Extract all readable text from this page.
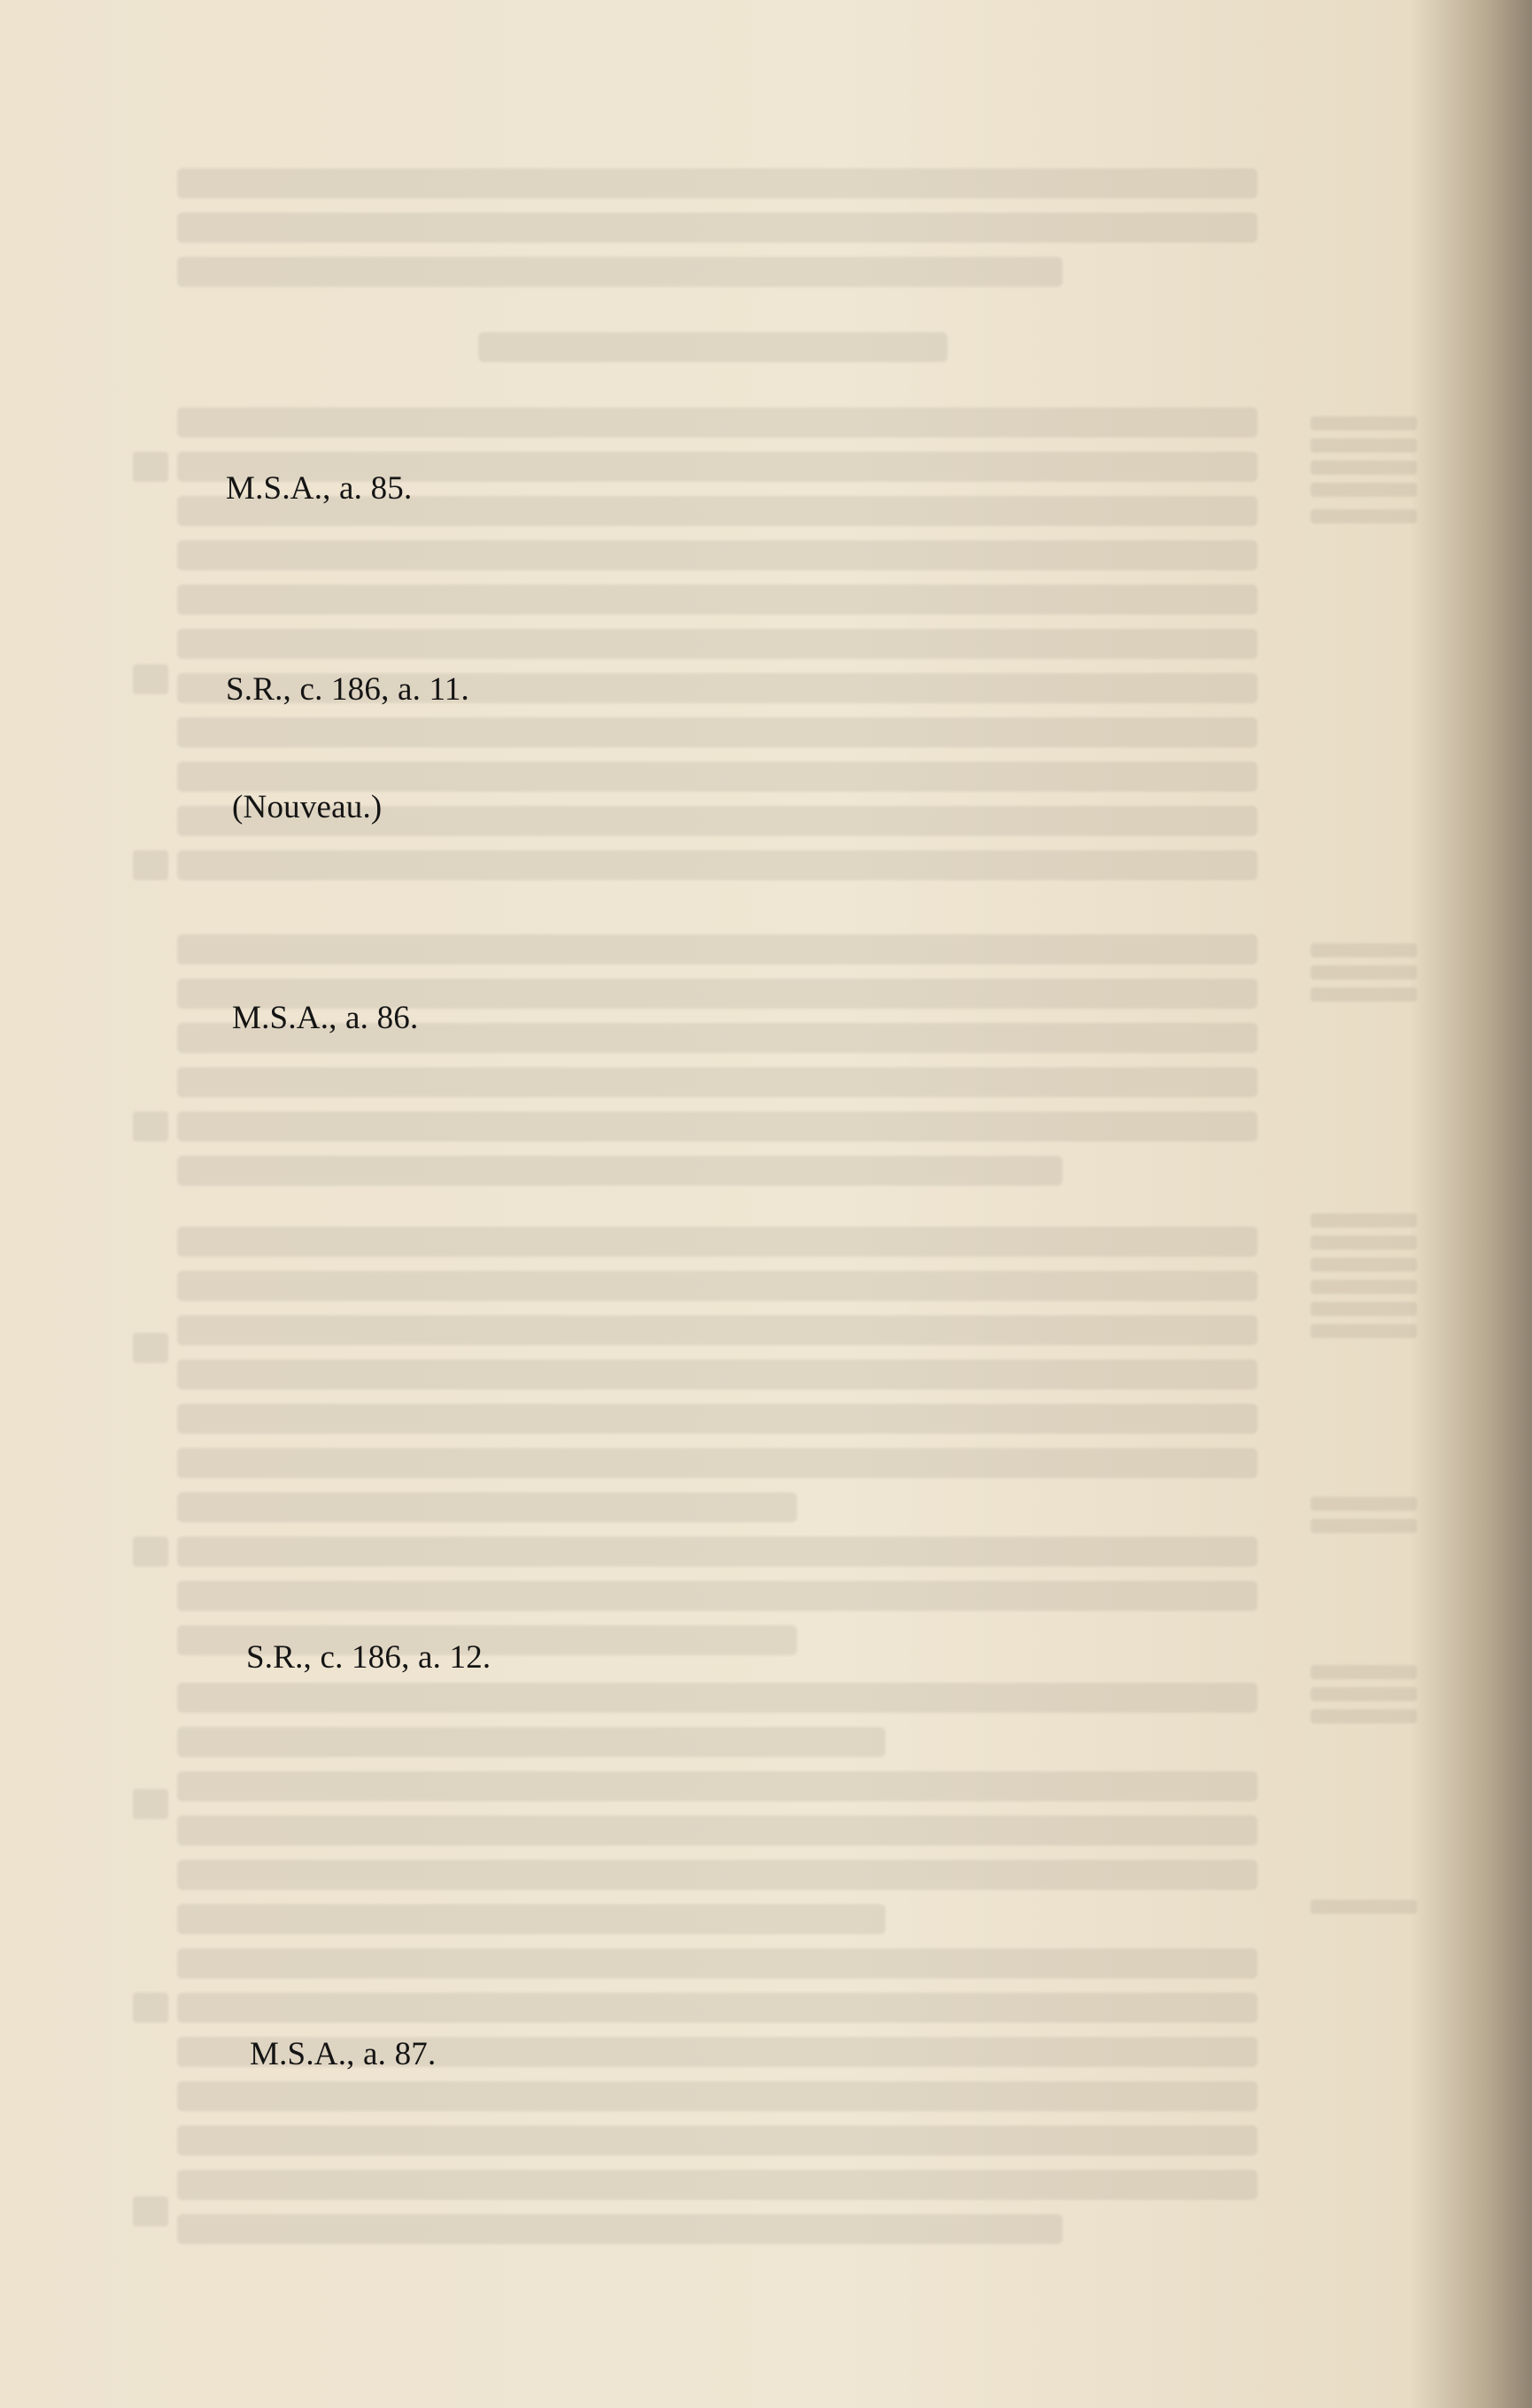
M.S.A., a. 85.
S.R., c. 186, a. 11.
(Nouveau.)
M.S.A., a. 86.
S.R., c. 186, a. 12.
M.S.A., a. 87.
